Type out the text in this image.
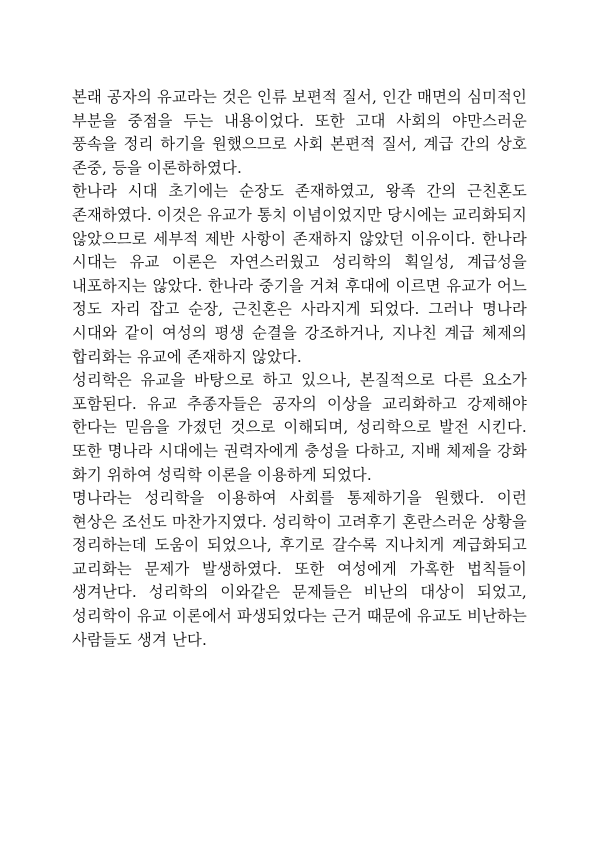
본래 공자의 유교라는 것은 인류 보편적 질서, 인간 매면의 심미적인 부분을 중점을 두는 내용이었다. 또한 고대 사회의 야만스러운 풍속을 정리 하기을 원했으므로 사회 본편적 질서, 계급 간의 상호 존중, 등을 이론하하였다.

한나라 시대 초기에는 순장도 존재하였고, 왕족 간의 근친혼도 존재하였다. 이것은 유교가 통치 이념이었지만 당시에는 교리화되지 않았으므로 세부적 제반 사항이 존재하지 않았던 이유이다. 한나라 시대는 유교 이론은 자연스러웠고 성리학의 획일성, 계급성을 내포하지는 않았다. 한나라 중기을 거쳐 후대에 이르면 유교가 어느 정도 자리 잡고 순장, 근친혼은 사라지게 되었다. 그러나 명나라 시대와 같이 여성의 평생 순결을 강조하거나, 지나친 계급 체제의 합리화는 유교에 존재하지 않았다.

성리학은 유교을 바탕으로 하고 있으나, 본질적으로 다른 요소가 포함된다. 유교 추종자들은 공자의 이상을 교리화하고 강제해야 한다는 믿음을 가졌던 것으로 이해되며, 성리학으로 발전 시킨다. 또한 명나라 시대에는 권력자에게 충성을 다하고, 지배 체제을 강화 화기 위하여 성릭학 이론을 이용하게 되었다.

명나라는 성리학을 이용하여 사회를 통제하기을 원했다. 이런 현상은 조선도 마찬가지였다. 성리학이 고려후기 혼란스러운 상황을 정리하는데 도움이 되었으나, 후기로 갈수록 지나치게 계급화되고 교리화는 문제가 발생하였다. 또한 여성에게 가혹한 법칙들이 생겨난다. 성리학의 이와같은 문제들은 비난의 대상이 되었고, 성리학이 유교 이론에서 파생되었다는 근거 때문에 유교도 비난하는 사람들도 생겨 난다.
